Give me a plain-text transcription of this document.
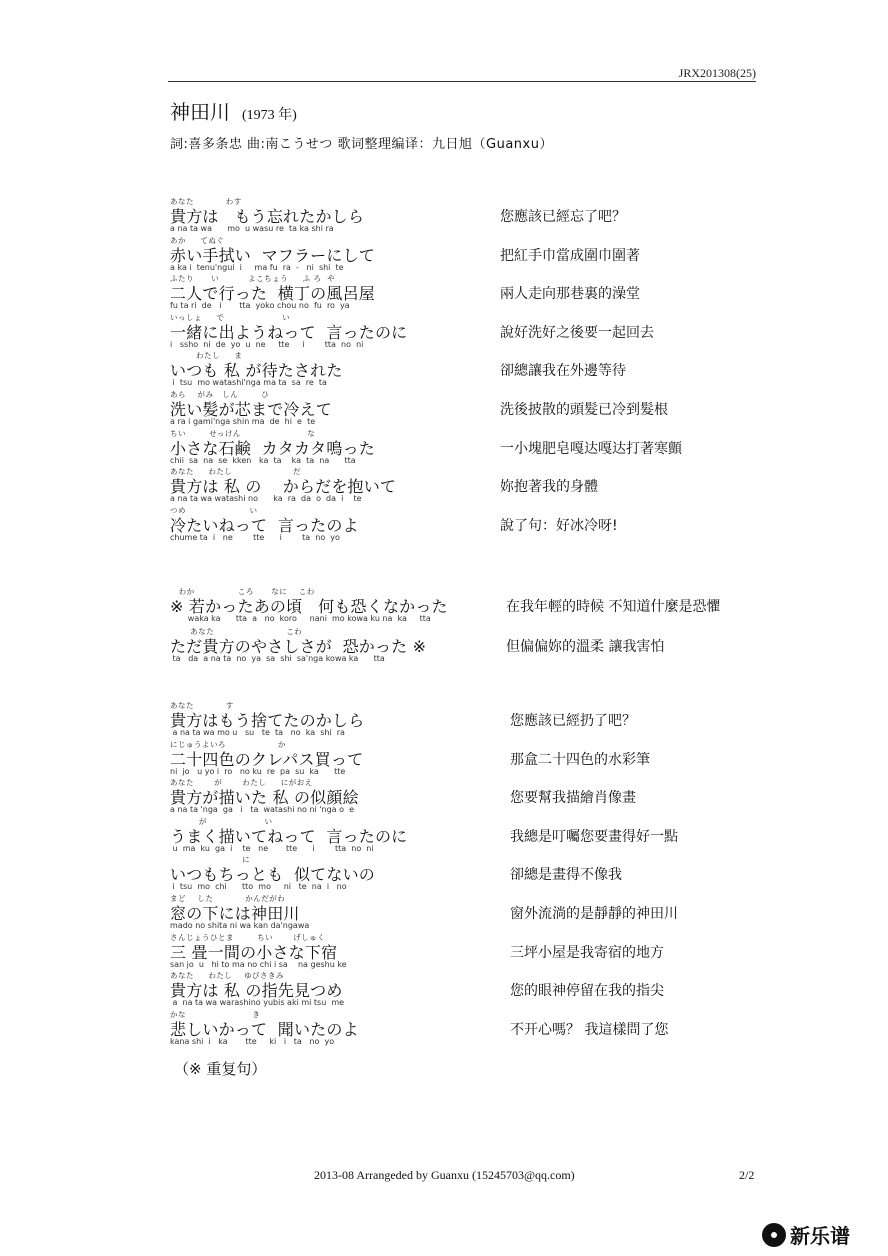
JRX201308(25)
神田川 (1973 年)
詞:喜多条忠 曲:南こうせつ 歌词整理编译：九日旭（Guanxu）
あなた           わす
貴方は   もう忘れたかしら
a na ta wa      mo  u wasu re  ta ka shi ra
您應該已經忘了吧？
あか     てぬぐ
赤い手拭い  マフラーにして
a ka i  tenu'ngui  i     ma fu  ra  -   ni  shi  te
把紅手巾當成圍巾圍著
ふたり      い          よこちょう     ふ ろ  や
二人で行った  横丁の風呂屋
fu ta ri  de   i       tta  yoko chou no  fu  ro  ya
兩人走向那巷裏的澡堂
いっしょ     で                    い
一緒に出ようねって  言ったのに
i   ssho  ni  de  yo  u  ne     tte     i        tta  no  ni
說好洗好之後要一起回去
わたし     ま
いつも 私 が待たされた
i  tsu  mo watashi'nga ma ta  sa  re  ta
卻總讓我在外邊等待
あら    がみ   しん        ひ
洗い髪が芯まで冷えて
a ra i gami'nga shin ma  de  hi  e  te
洗後披散的頭髮已冷到髮根
ちい        せっけん                       な
小さな石鹸  カタカタ鳴った
chii  sa  na  se  kken   ka  ta    ka  ta  na      tta
一小塊肥皂嘎达嘎达打著寒顫
あなた     わたし                     だ
貴方は 私 の    からだを抱いて
a na ta wa watashi no      ka  ra  da  o  da  i    te
妳抱著我的身體
つめ                      い
冷たいねって  言ったのよ
chume ta  i   ne        tte      i        ta  no  yo
說了句：好冰冷呀!
わか               ころ      なに    こわ
※ 若かったあの頃   何も恐くなかった
waka ka      tta  a   no  koro     nani  mo kowa ku na  ka     tta
在我年輕的時候 不知道什麼是恐懼
あなた                         こわ
ただ貴方のやさしさが  恐かった ※
ta   da  a na ta  no  ya  sa  shi  sa'nga kowa ka      tta
但偏偏妳的溫柔 讓我害怕
あなた           す
貴方はもう捨てたのかしら
a na ta wa mo u   su   te  ta   no  ka  shi  ra
您應該已經扔了吧？
にじゅうよいろ                  か
二十四色のクレパス買って
ni  jo   u yo i  ro   no ku  re  pa  su  ka      tte
那盒二十四色的水彩筆
あなた       が       わたし     にがおえ
貴方が描いた 私 の似顔絵
a na ta 'nga  ga   i   ta  watashi no ni 'nga o  e
您要幫我描繪肖像畫
が                    い
うまく描いてねって  言ったのに
u  ma  ku  ga  i    te   ne       tte      i        tta  no  ni
我總是叮囑您要畫得好一點
に
いつもちっとも  似てないの
i  tsu  mo  chi      tto  mo     ni   te  na  i   no
卻總是畫得不像我
まど    した           かんだがわ
窓の下には神田川
mado no shita ni wa kan da'ngawa
窗外流淌的是靜靜的神田川
さんじょうひとま        ちい       げしゅく
三 畳一間の小さな下宿
san jo  u   hi to ma no chi i sa    na geshu ke
三坪小屋是我寄宿的地方
あなた     わたし    ゆびさきみ
貴方は 私 の指先見つめ
a  na ta wa warashino yubis aki mi tsu  me
您的眼神停留在我的指尖
かな                       き
悲しいかって  聞いたのよ
kana shi  i   ka       tte     ki   i   ta   no  yo
不开心嗎？ 我這樣問了您
（※ 重复句）
2013-08 Arrangeded by Guanxu (15245703@qq.com)	2/2
新乐谱
